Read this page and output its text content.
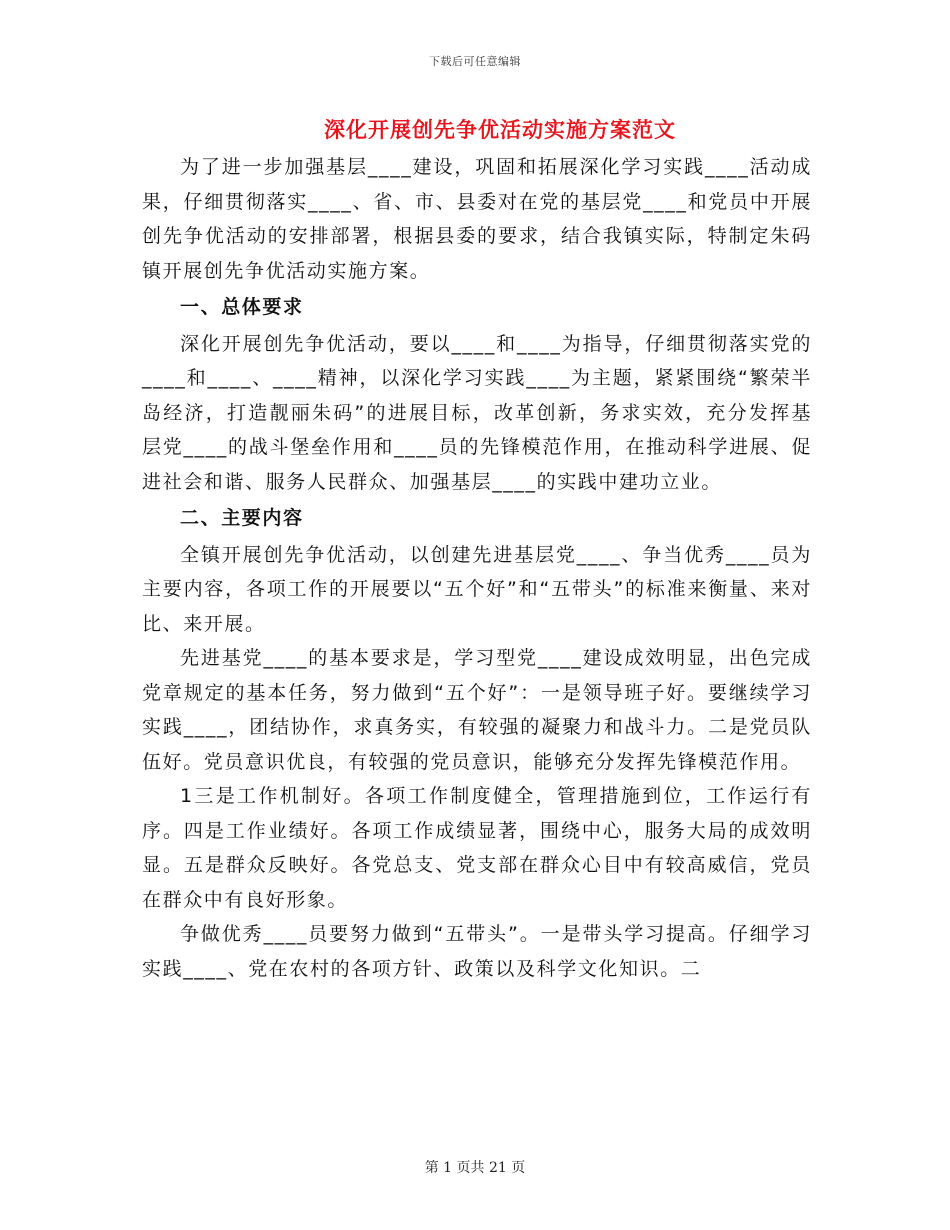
下载后可任意编辑
深化开展创先争优活动实施方案范文

为了进一步加强基层____建设，巩固和拓展深化学习实践____活动成果，仔细贯彻落实____、省、市、县委对在党的基层党____和党员中开展创先争优活动的安排部署，根据县委的要求，结合我镇实际，特制定朱码镇开展创先争优活动实施方案。

一、总体要求

深化开展创先争优活动，要以____和____为指导，仔细贯彻落实党的____和____、____精神，以深化学习实践____为主题，紧紧围绕“繁荣半岛经济，打造靓丽朱码”的进展目标，改革创新，务求实效，充分发挥基层党____的战斗堡垒作用和____员的先锋模范作用，在推动科学进展、促进社会和谐、服务人民群众、加强基层____的实践中建功立业。

二、主要内容

全镇开展创先争优活动，以创建先进基层党____、争当优秀____员为主要内容，各项工作的开展要以“五个好”和“五带头”的标准来衡量、来对比、来开展。

先进基党____的基本要求是，学习型党____建设成效明显，出色完成党章规定的基本任务，努力做到“五个好”：一是领导班子好。要继续学习实践____，团结协作，求真务实，有较强的凝聚力和战斗力。二是党员队伍好。党员意识优良，有较强的党员意识，能够充分发挥先锋模范作用。

1三是工作机制好。各项工作制度健全，管理措施到位，工作运行有序。四是工作业绩好。各项工作成绩显著，围绕中心，服务大局的成效明显。五是群众反映好。各党总支、党支部在群众心目中有较高威信，党员在群众中有良好形象。

争做优秀____员要努力做到“五带头”。一是带头学习提高。仔细学习实践____、党在农村的各项方针、政策以及科学文化知识。二

第 1 页共 21 页
